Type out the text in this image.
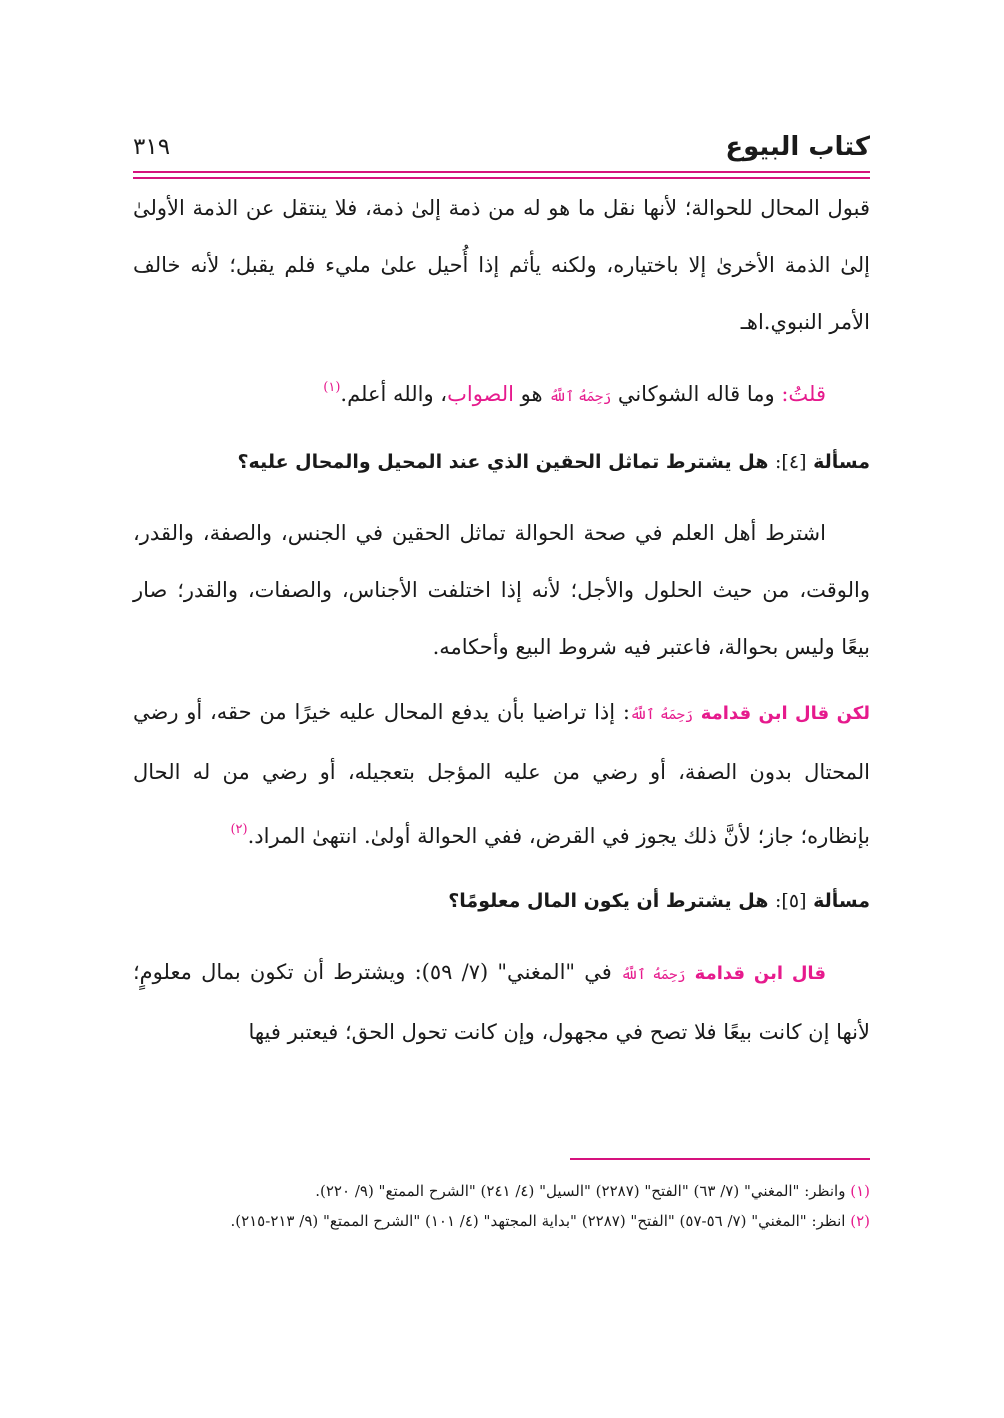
كتاب البيوع
٣١٩

قبول المحال للحوالة؛ لأنها نقل ما هو له من ذمة إلىٰ ذمة، فلا ينتقل عن الذمة الأولىٰ إلىٰ الذمة الأخرىٰ إلا باختياره، ولكنه يأثم إذا أُحيل علىٰ مليء فلم يقبل؛ لأنه خالف الأمر النبوي.اهـ

قلتُ: وما قاله الشوكاني رَحِمَهُ ٱللَّهُ هو الصواب، والله أعلم.$^{(١)}$

مسألة [٤]: هل يشترط تماثل الحقين الذي عند المحيل والمحال عليه؟

اشترط أهل العلم في صحة الحوالة تماثل الحقين في الجنس، والصفة، والقدر، والوقت، من حيث الحلول والأجل؛ لأنه إذا اختلفت الأجناس، والصفات، والقدر؛ صار بيعًا وليس بحوالة، فاعتبر فيه شروط البيع وأحكامه.

لكن قال ابن قدامة رَحِمَهُ ٱللَّهُ: إذا تراضيا بأن يدفع المحال عليه خيرًا من حقه، أو رضي المحتال بدون الصفة، أو رضي من عليه المؤجل بتعجيله، أو رضي من له الحال بإنظاره؛ جاز؛ لأنَّ ذلك يجوز في القرض، ففي الحوالة أولىٰ. انتهىٰ المراد.$^{(٢)}$

مسألة [٥]: هل يشترط أن يكون المال معلومًا؟

قال ابن قدامة رَحِمَهُ ٱللَّهُ في "المغني" (٧/ ٥٩): ويشترط أن تكون بمال معلومٍ؛ لأنها إن كانت بيعًا فلا تصح في مجهول، وإن كانت تحول الحق؛ فيعتبر فيها

(١) وانظر: "المغني" (٧/ ٦٣) "الفتح" (٢٢٨٧) "السيل" (٤/ ٢٤١) "الشرح الممتع" (٩/ ٢٢٠).

(٢) انظر: "المغني" (٧/ ٥٦-٥٧) "الفتح" (٢٢٨٧) "بداية المجتهد" (٤/ ١٠١) "الشرح الممتع" (٩/ ٢١٣-٢١٥).
